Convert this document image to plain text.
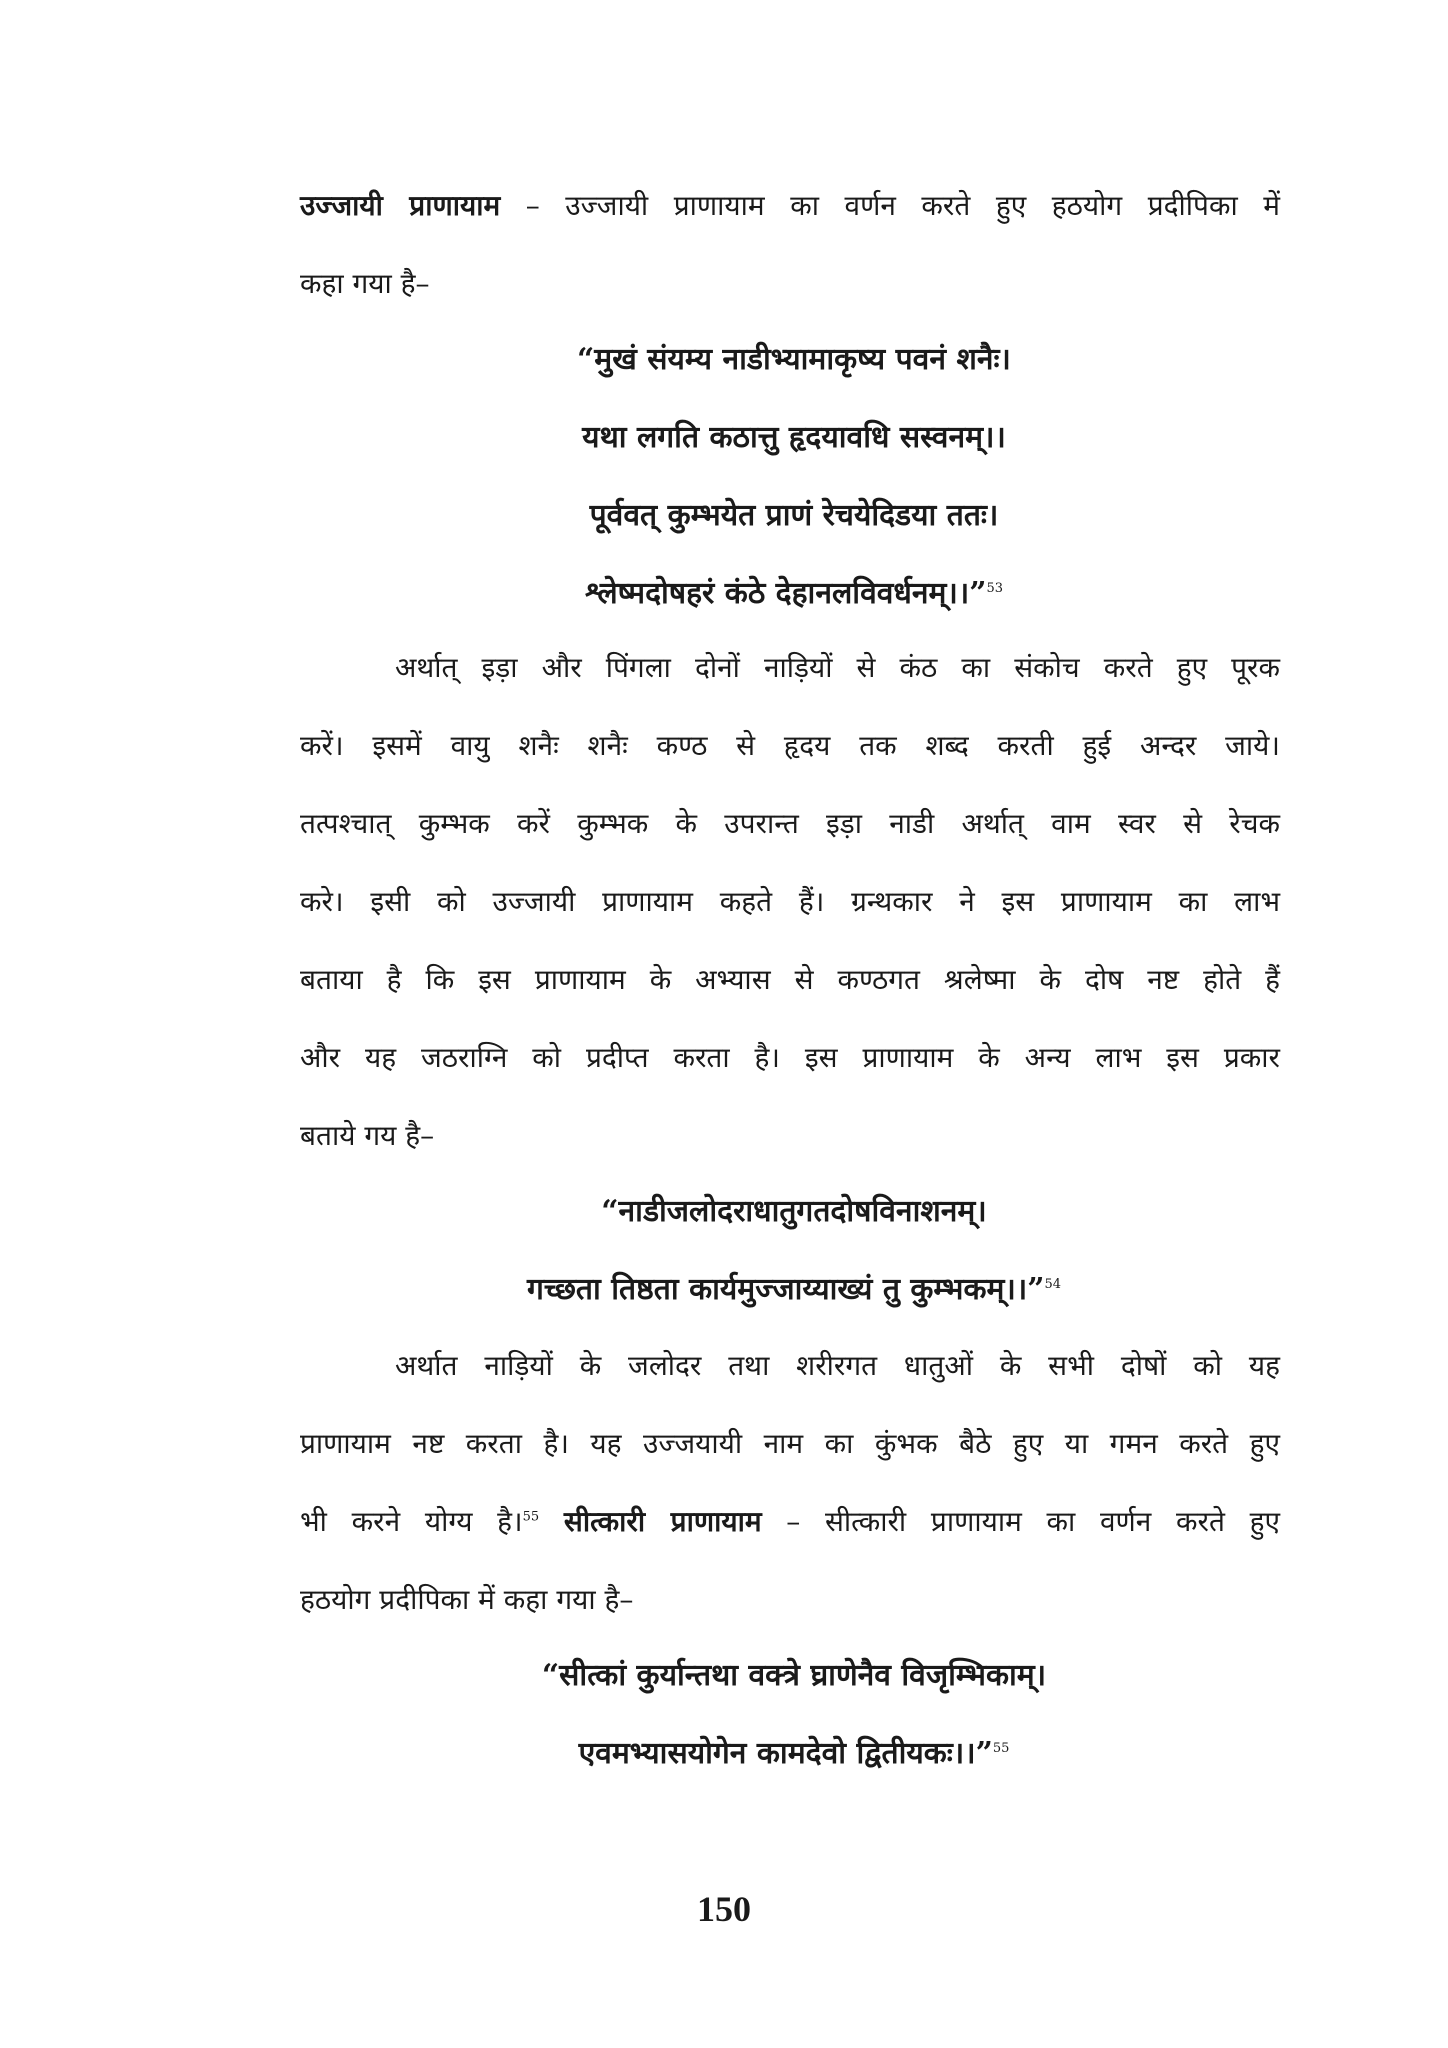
उज्जायी प्राणायाम – उज्जायी प्राणायाम का वर्णन करते हुए हठयोग प्रदीपिका में
कहा गया है–
“मुखं संयम्य नाडीभ्यामाकृष्य पवनं शनैः।
यथा लगति कठात्तु हृदयावधि सस्वनम्।।
पूर्ववत् कुम्भयेत प्राणं रेचयेदिडया ततः।
श्लेष्मदोषहरं कंठे देहानलविवर्धनम्।।”$^{53}$
अर्थात् इड़ा और पिंगला दोनों नाड़ियों से कंठ का संकोच करते हुए पूरक
करें। इसमें वायु शनैः शनैः कण्ठ से हृदय तक शब्द करती हुई अन्दर जाये।
तत्पश्चात् कुम्भक करें कुम्भक के उपरान्त इड़ा नाडी अर्थात् वाम स्वर से रेचक
करे। इसी को उज्जायी प्राणायाम कहते हैं। ग्रन्थकार ने इस प्राणायाम का लाभ
बताया है कि इस प्राणायाम के अभ्यास से कण्ठगत श्रलेष्मा के दोष नष्ट होते हैं
और यह जठराग्नि को प्रदीप्त करता है। इस प्राणायाम के अन्य लाभ इस प्रकार
बताये गय है–
“नाडीजलोदराधातुगतदोषविनाशनम्।
गच्छता तिष्ठता कार्यमुज्जाय्याख्यं तु कुम्भकम्।।”$^{54}$
अर्थात नाड़ियों के जलोदर तथा शरीरगत धातुओं के सभी दोषों को यह
प्राणायाम नष्ट करता है। यह उज्जयायी नाम का कुंभक बैठे हुए या गमन करते हुए
भी करने योग्य है।$^{55}$ सीत्कारी प्राणायाम – सीत्कारी प्राणायाम का वर्णन करते हुए
हठयोग प्रदीपिका में कहा गया है–
“सीत्कां कुर्यान्तथा वक्त्रे घ्राणेनैव विजृम्भिकाम्।
एवमभ्यासयोगेन कामदेवो द्वितीयकः।।”$^{55}$
150
